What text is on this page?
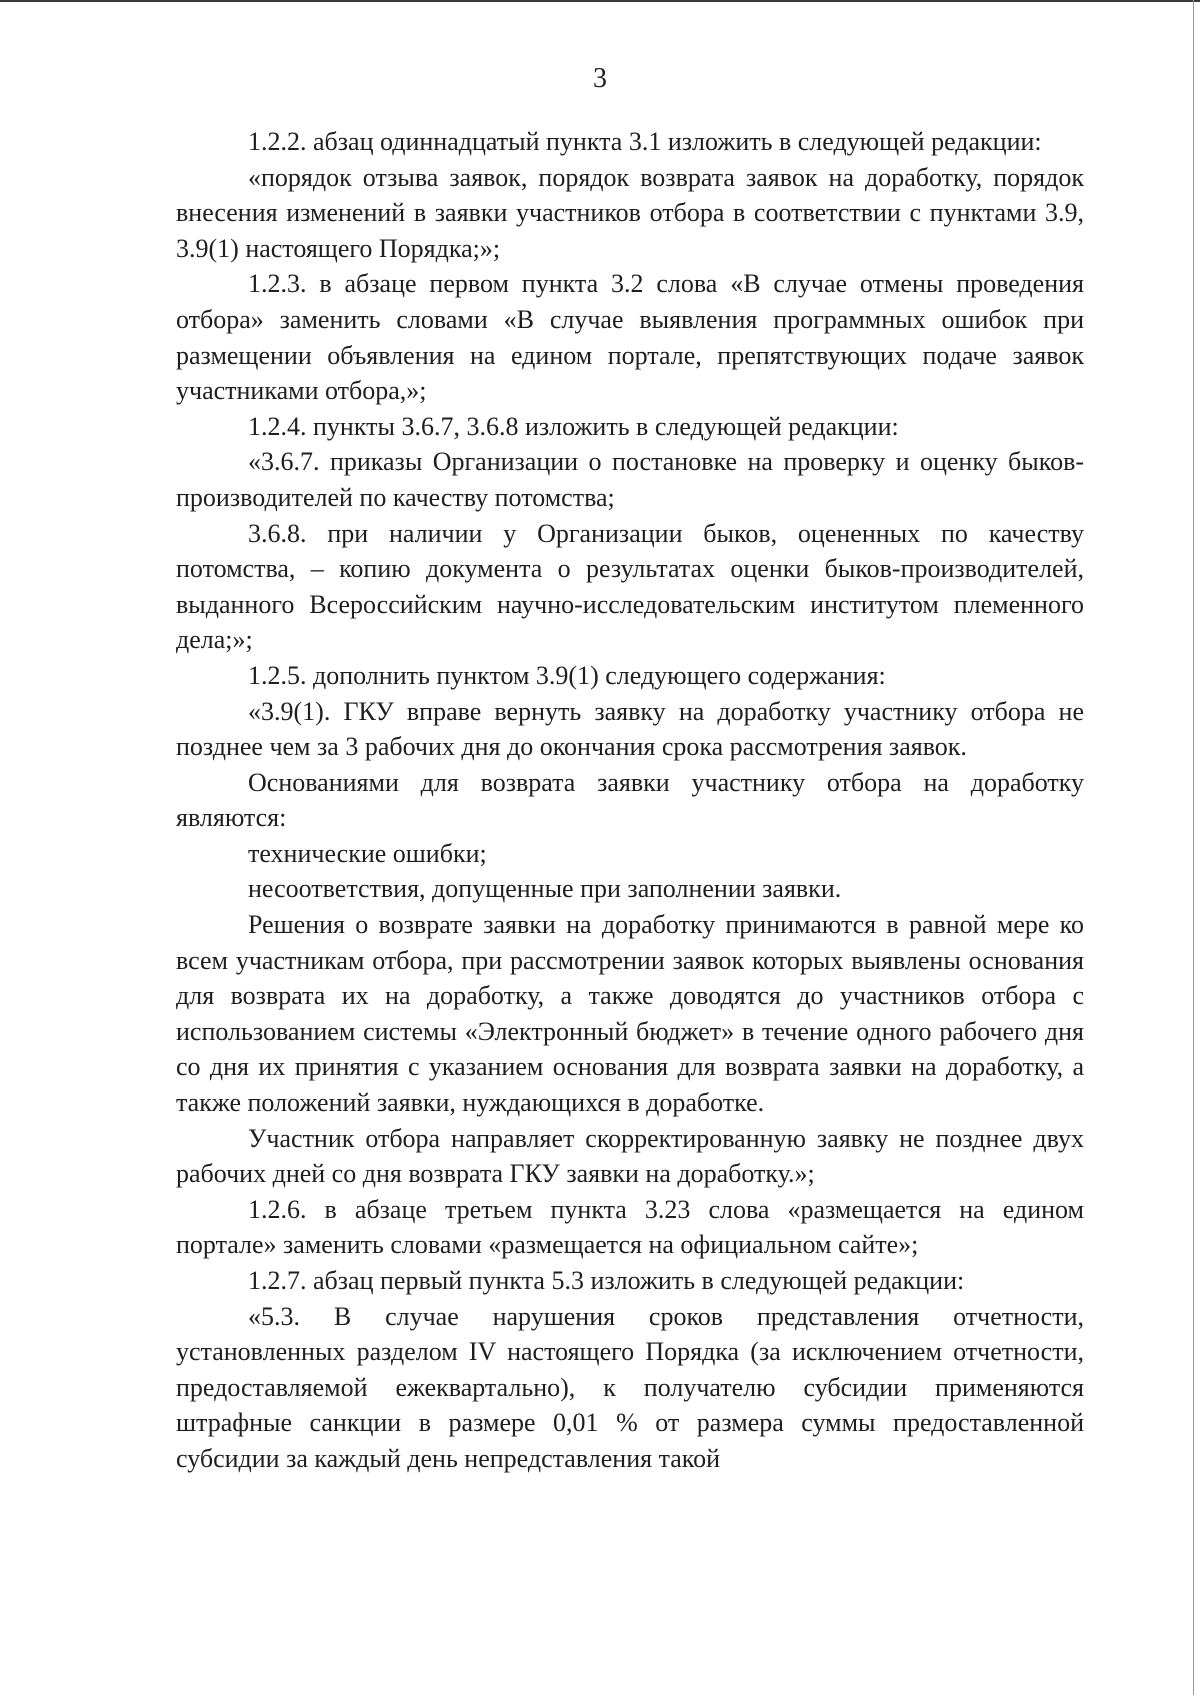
3

1.2.2. абзац одиннадцатый пункта 3.1 изложить в следующей редакции:

«порядок отзыва заявок, порядок возврата заявок на доработку, порядок внесения изменений в заявки участников отбора в соответствии с пунктами 3.9, 3.9(1) настоящего Порядка;»;

1.2.3. в абзаце первом пункта 3.2 слова «В случае отмены проведения отбора» заменить словами «В случае выявления программных ошибок при размещении объявления на едином портале, препятствующих подаче заявок участниками отбора,»;

1.2.4. пункты 3.6.7, 3.6.8 изложить в следующей редакции:

«3.6.7. приказы Организации о постановке на проверку и оценку быков-производителей по качеству потомства;

3.6.8. при наличии у Организации быков, оцененных по качеству потомства, – копию документа о результатах оценки быков-производителей, выданного Всероссийским научно-исследовательским институтом племенного дела;»;

1.2.5. дополнить пунктом 3.9(1) следующего содержания:

«3.9(1). ГКУ вправе вернуть заявку на доработку участнику отбора не позднее чем за 3 рабочих дня до окончания срока рассмотрения заявок.

Основаниями для возврата заявки участнику отбора на доработку являются:

технические ошибки;

несоответствия, допущенные при заполнении заявки.

Решения о возврате заявки на доработку принимаются в равной мере ко всем участникам отбора, при рассмотрении заявок которых выявлены основания для возврата их на доработку, а также доводятся до участников отбора с использованием системы «Электронный бюджет» в течение одного рабочего дня со дня их принятия с указанием основания для возврата заявки на доработку, а также положений заявки, нуждающихся в доработке.

Участник отбора направляет скорректированную заявку не позднее двух рабочих дней со дня возврата ГКУ заявки на доработку.»;

1.2.6. в абзаце третьем пункта 3.23 слова «размещается на едином портале» заменить словами «размещается на официальном сайте»;

1.2.7. абзац первый пункта 5.3 изложить в следующей редакции:

«5.3. В случае нарушения сроков представления отчетности, установленных разделом IV настоящего Порядка (за исключением отчетности, предоставляемой ежеквартально), к получателю субсидии применяются штрафные санкции в размере 0,01 % от размера суммы предоставленной субсидии за каждый день непредставления такой
